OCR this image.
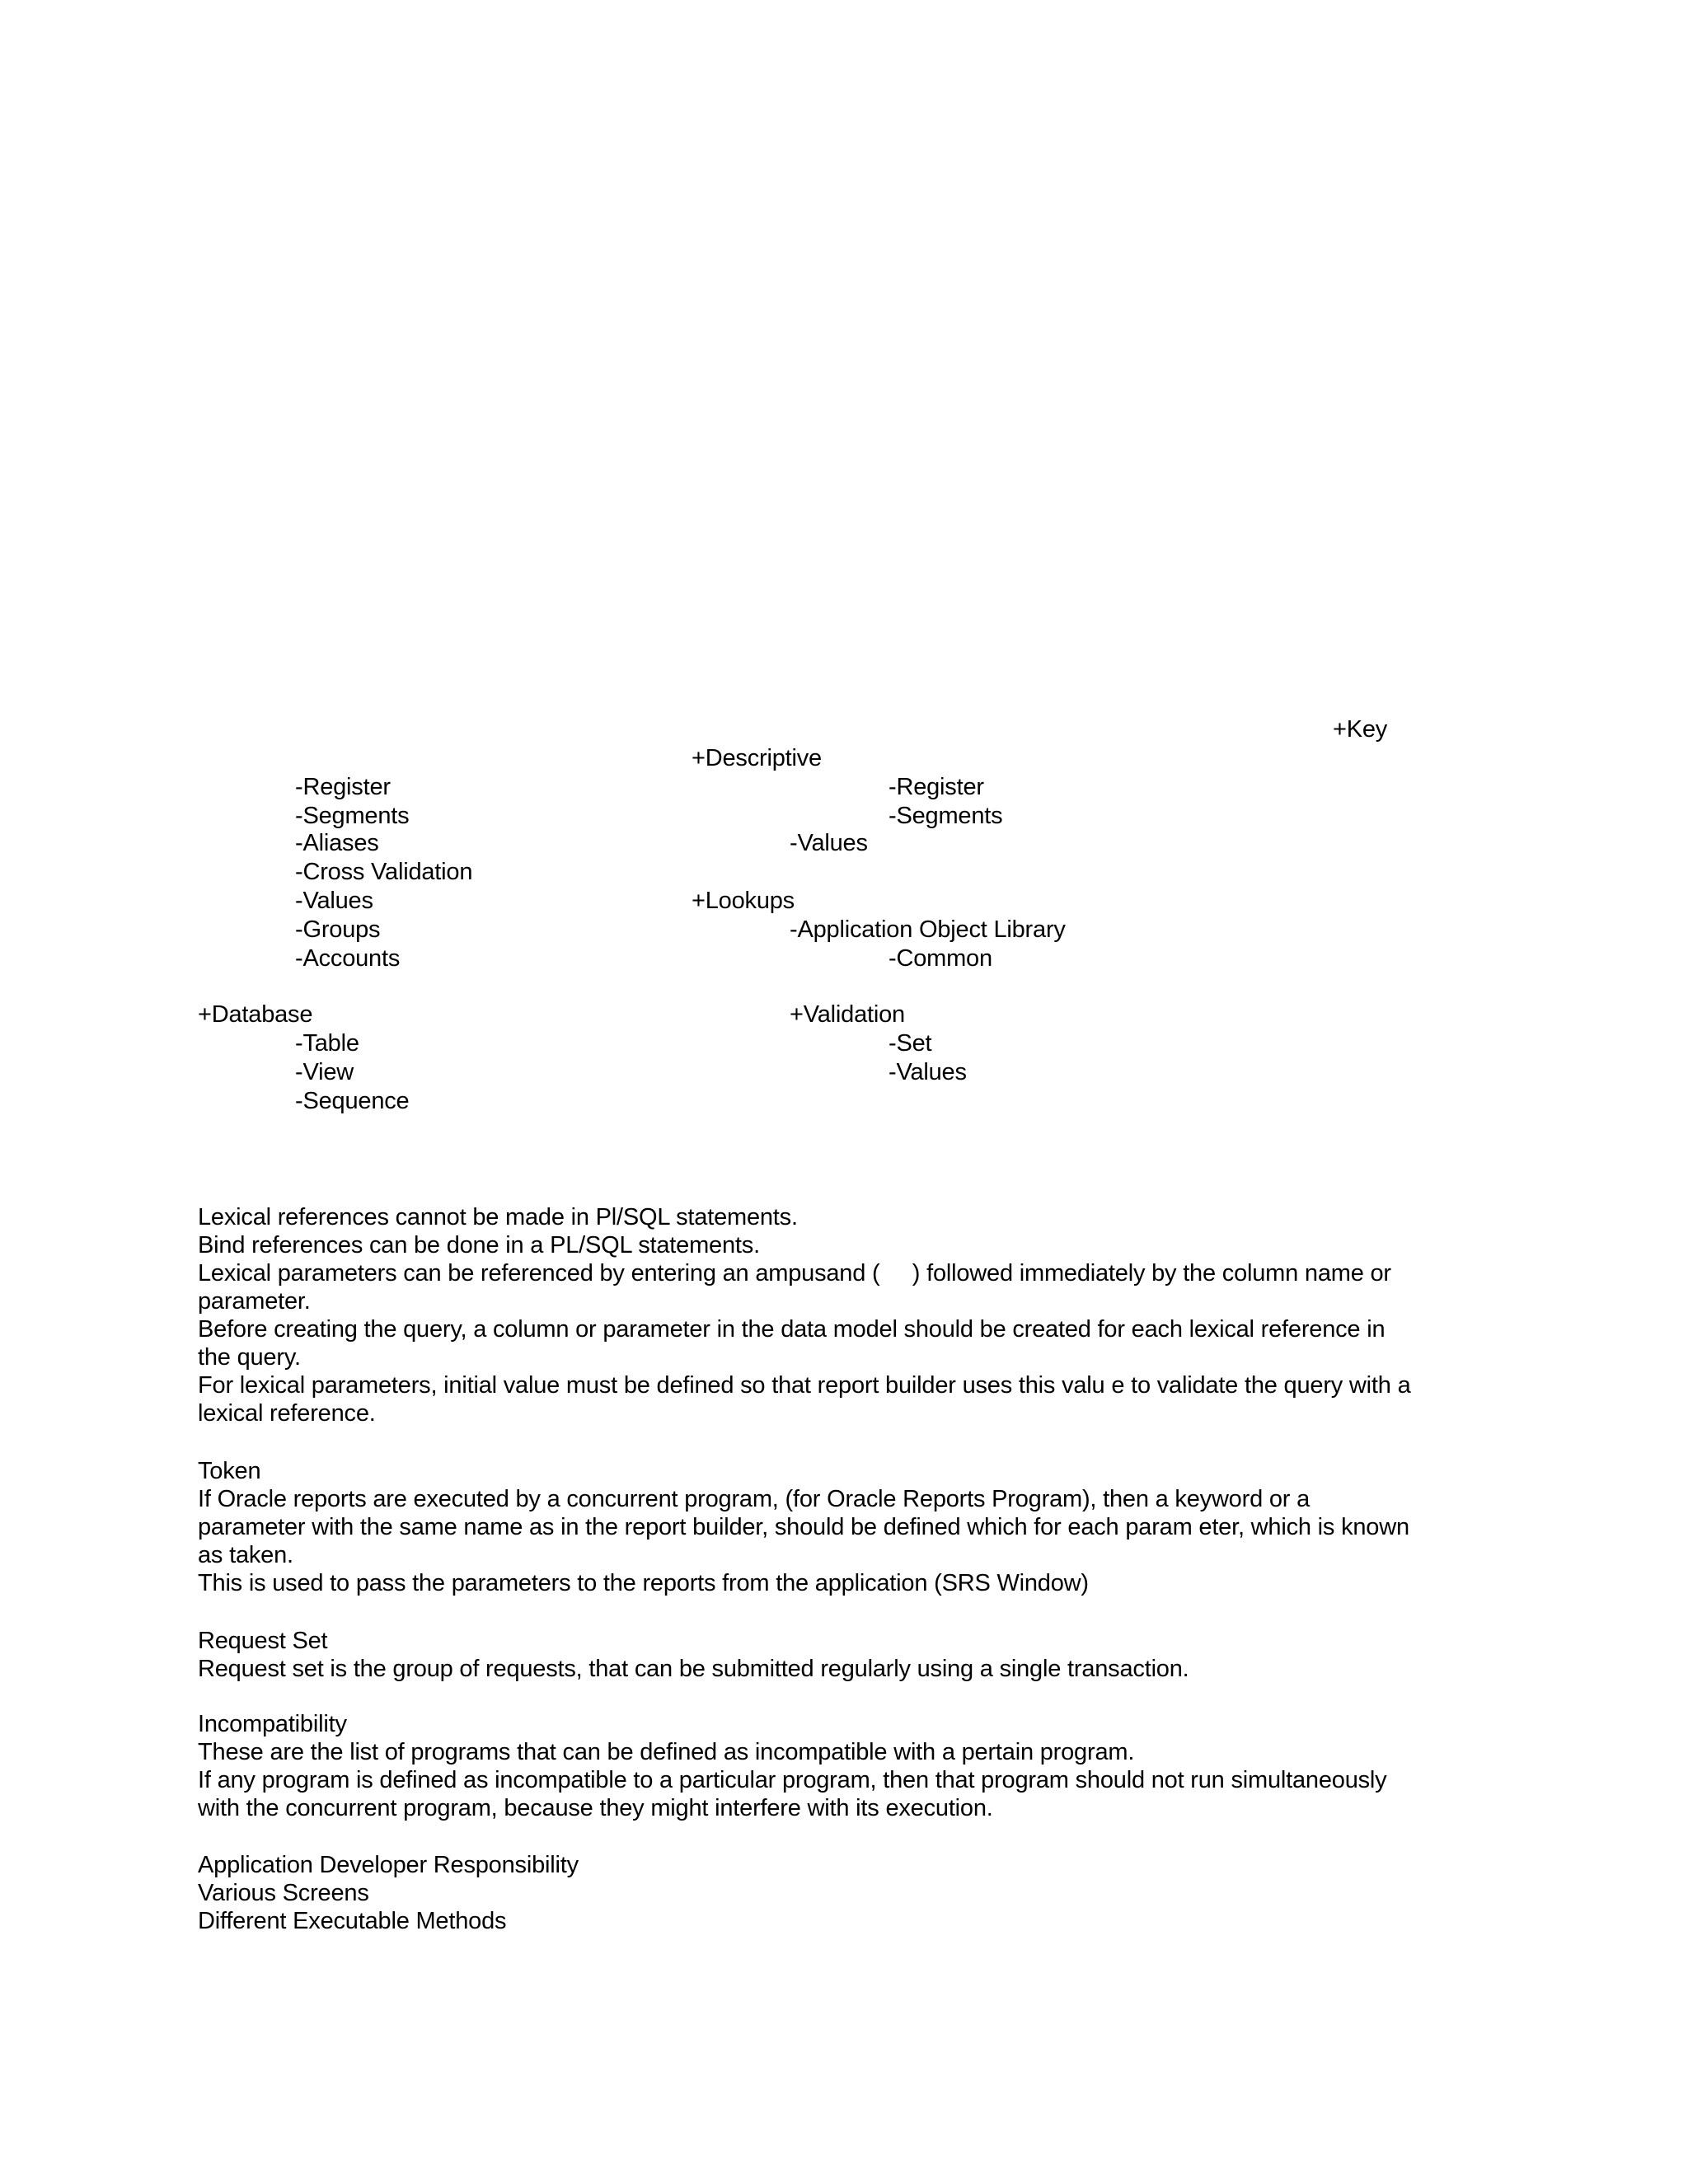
+Key
+Descriptive
-Register	-Register
-Segments	-Segments
-Aliases	-Values
-Cross Validation
-Values	+Lookups
-Groups	-Application Object Library
-Accounts	-Common
+Database	+Validation
-Table	-Set
-View	-Values
-Sequence
Lexical references cannot be made in Pl/SQL statements.
Bind references can be done in a PL/SQL statements.
Lexical parameters can be referenced by entering an ampusand (     ) followed immediately by the column name or
parameter.
Before creating the query, a column or parameter in the data model should be created for each lexical reference in
the query.
For lexical parameters, initial value must be defined so that report builder uses this valu e to validate the query with a
lexical reference.
Token
If Oracle reports are executed by a concurrent program, (for Oracle Reports Program), then a keyword or a
parameter with the same name as in the report builder, should be defined which for each param eter, which is known
as taken.
This is used to pass the parameters to the reports from the application (SRS Window)
Request Set
Request set is the group of requests, that can be submitted regularly using a single transaction.
Incompatibility
These are the list of programs that can be defined as incompatible with a pertain program.
If any program is defined as incompatible to a particular program, then that program should not run simultaneously
with the concurrent program, because they might interfere with its execution.
Application Developer Responsibility
Various Screens
Different Executable Methods
